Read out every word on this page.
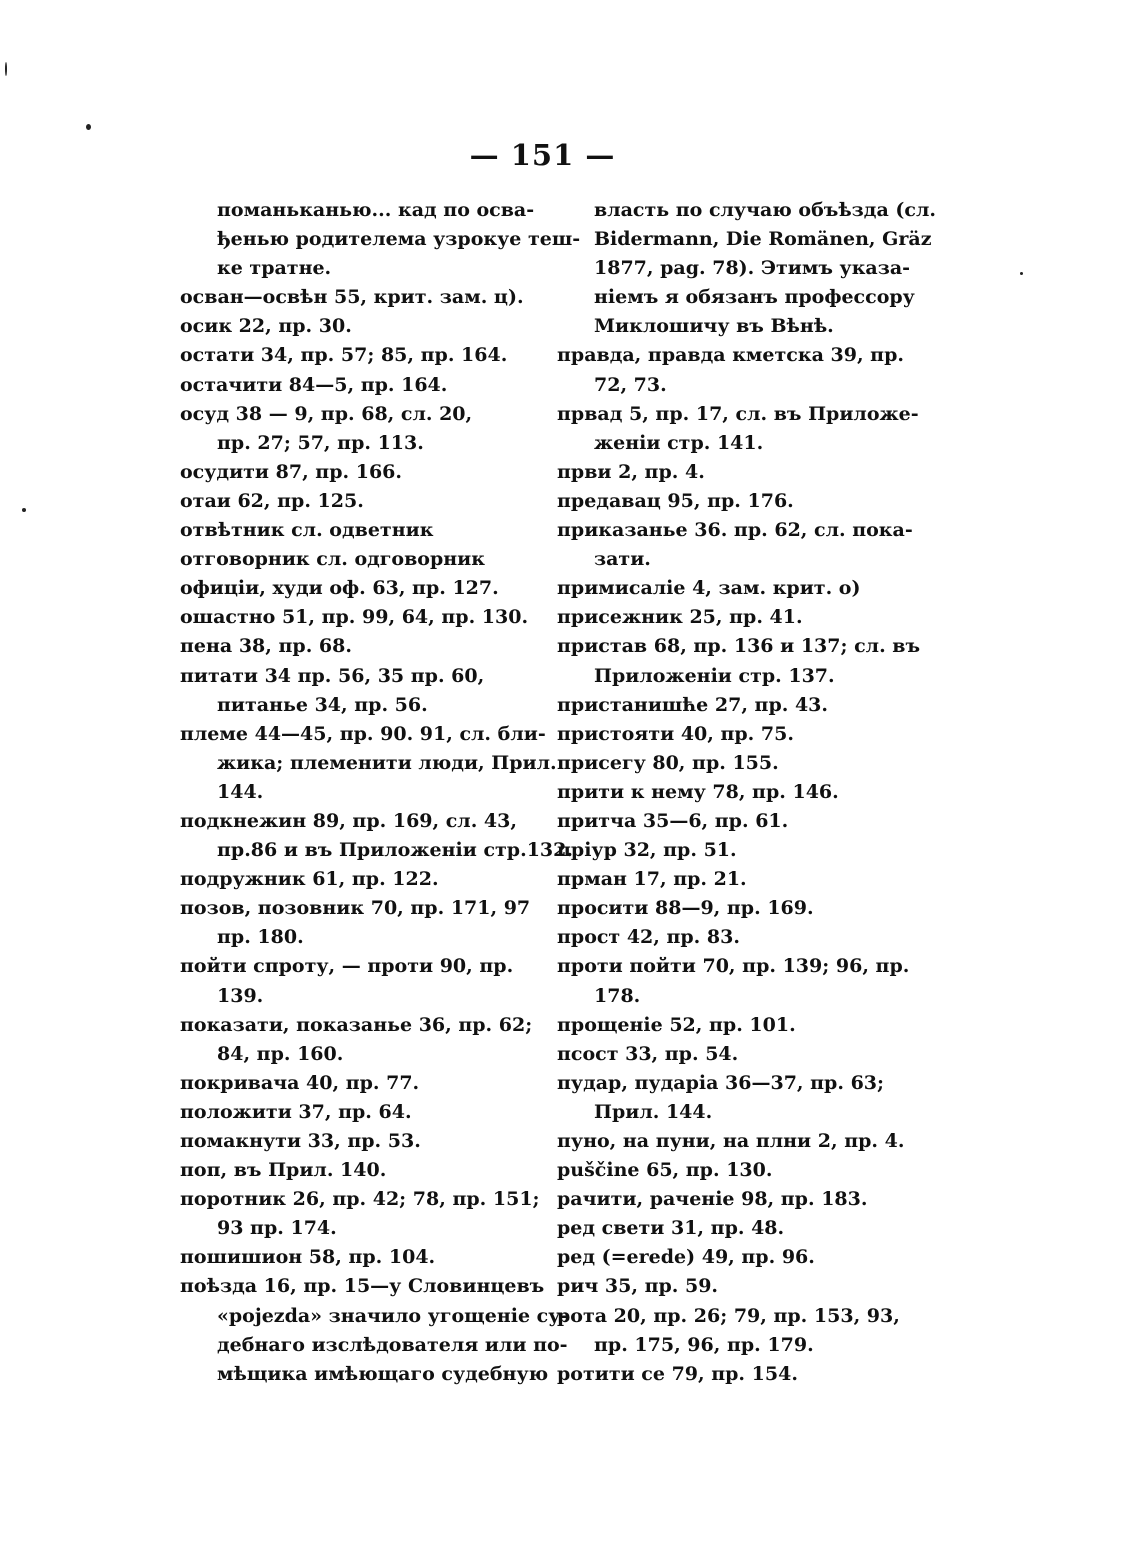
— 151 —
поманьканью... кад по осва-
ђенью родителема узрокуе теш-
ке тратне.
осван—освѣн 55, крит. зам. ц).
осик 22, пр. 30.
остати 34, пр. 57; 85, пр. 164.
остачити 84—5, пр. 164.
осуд 38 — 9, пр. 68, сл. 20,
пр. 27; 57, пр. 113.
осудити 87, пр. 166.
отаи 62, пр. 125.
отвѣтник сл. одветник
отговорник сл. одговорник
офиціи, худи оф. 63, пр. 127.
ошастно 51, пр. 99, 64, пр. 130.
пена 38, пр. 68.
питати 34 пр. 56, 35 пр. 60,
питанье 34, пр. 56.
племе 44—45, пр. 90. 91, сл. бли-
жика; племенити люди, Прил.
144.
подкнежин 89, пр. 169, сл. 43,
пр.86 и въ Приложеніи стр.132.
подружник 61, пр. 122.
позов, позовник 70, пр. 171, 97
пр. 180.
пойти спроту, — проти 90, пр.
139.
показати, показанье 36, пр. 62;
84, пр. 160.
покривача 40, пр. 77.
положити 37, пр. 64.
помакнути 33, пр. 53.
поп, въ Прил. 140.
поротник 26, пр. 42; 78, пр. 151;
93 пр. 174.
пошишион 58, пр. 104.
поѣзда 16, пр. 15—у Словинцевъ
«pojezda» значило угощеніе су-
дебнаго изслѣдователя или по-
мѣщика имѣющаго судебную
власть по случаю объѣзда (сл.
Bidermann, Die Romänen, Gräz
1877, pag. 78). Этимъ указа-
ніемъ я обязанъ профессору
Миклошичу въ Вѣнѣ.
правда, правда кметска 39, пр.
72, 73.
првад 5, пр. 17, сл. въ Приложе-
женіи стр. 141.
први 2, пр. 4.
предавац 95, пр. 176.
приказанье 36. пр. 62, сл. пока-
зати.
примисаліе 4, зам. крит. о)
присежник 25, пр. 41.
пристав 68, пр. 136 и 137; сл. въ
Приложеніи стр. 137.
пристанишће 27, пр. 43.
пристояти 40, пр. 75.
присегу 80, пр. 155.
прити к нему 78, пр. 146.
притча 35—6, пр. 61.
пріур 32, пр. 51.
прман 17, пр. 21.
просити 88—9, пр. 169.
прост 42, пр. 83.
проти пойти 70, пр. 139; 96, пр.
178.
прощеніе 52, пр. 101.
псост 33, пр. 54.
пудар, пударіа 36—37, пр. 63;
Прил. 144.
пуно, на пуни, на плни 2, пр. 4.
puščine 65, пр. 130.
рачити, раченіе 98, пр. 183.
ред свети 31, пр. 48.
ред (=erede) 49, пр. 96.
рич 35, пр. 59.
рота 20, пр. 26; 79, пр. 153, 93,
пр. 175, 96, пр. 179.
ротити се 79, пр. 154.
